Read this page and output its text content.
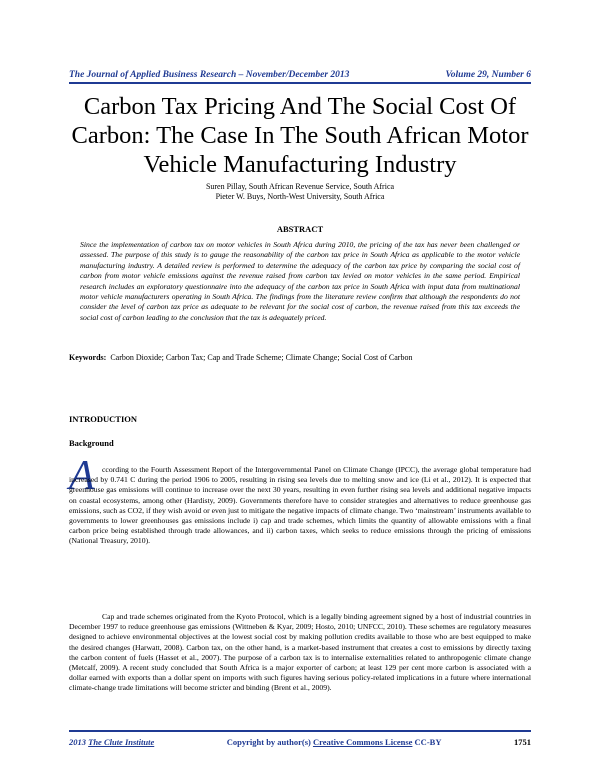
The Journal of Applied Business Research – November/December 2013	Volume 29, Number 6
Carbon Tax Pricing And The Social Cost Of Carbon: The Case In The South African Motor Vehicle Manufacturing Industry
Suren Pillay, South African Revenue Service, South Africa
Pieter W. Buys, North-West University, South Africa
ABSTRACT

Since the implementation of carbon tax on motor vehicles in South Africa during 2010, the pricing of the tax has never been challenged or assessed. The purpose of this study is to gauge the reasonability of the carbon tax price in South Africa as applicable to the motor vehicle manufacturing industry. A detailed review is performed to determine the adequacy of the carbon tax price by comparing the social cost of carbon from motor vehicle emissions against the revenue raised from carbon tax levied on motor vehicles in the same period. Empirical research includes an exploratory questionnaire into the adequacy of the carbon tax price in South Africa with input data from multinational motor vehicle manufacturers operating in South Africa. The findings from the literature review confirm that although the respondents do not consider the level of carbon tax price as adequate to be relevant for the social cost of carbon, the revenue raised from this tax exceeds the social cost of carbon leading to the conclusion that the tax is adequately priced.

Keywords: Carbon Dioxide; Carbon Tax; Cap and Trade Scheme; Climate Change; Social Cost of Carbon
INTRODUCTION
Background
A ccording to the Fourth Assessment Report of the Intergovernmental Panel on Climate Change (IPCC), the average global temperature had increased by 0.741 C during the period 1906 to 2005, resulting in rising sea levels due to melting snow and ice (Li et al., 2012). It is expected that greenhouse gas emissions will continue to increase over the next 30 years, resulting in even further rising sea levels and additional negative impacts on coastal ecosystems, among other (Hardisty, 2009). Governments therefore have to consider strategies and alternatives to reduce greenhouse gas emissions, such as CO2, if they wish avoid or even just to mitigate the negative impacts of climate change. Two ‘mainstream’ instruments available to governments to lower greenhouses gas emissions include i) cap and trade schemes, which limits the quantity of allowable emissions with a final carbon price being established through trade allowances, and ii) carbon taxes, which seeks to reduce emissions through the pricing of emissions (National Treasury, 2010).

Cap and trade schemes originated from the Kyoto Protocol, which is a legally binding agreement signed by a host of industrial countries in December 1997 to reduce greenhouse gas emissions (Wittneben & Kyar, 2009; Hosto, 2010; UNFCC, 2010). These schemes are regulatory measures designed to achieve environmental objectives at the lowest social cost by making pollution credits available to those who are best equipped to make the desired changes (Harwatt, 2008). Carbon tax, on the other hand, is a market-based instrument that creates a cost to emissions by directly taxing the carbon content of fuels (Hasset et al., 2007). The purpose of a carbon tax is to internalise externalities related to anthropogenic climate change (Metcalf, 2009). A recent study concluded that South Africa is a major exporter of carbon; at least 129 per cent more carbon is associated with a dollar earned with exports than a dollar spent on imports with such figures having serious policy-related implications in a future where international climate-change trade limitations will become stricter and binding (Brent et al., 2009).

2013 The Clute Institute	Copyright by author(s) Creative Commons License CC-BY	1751
